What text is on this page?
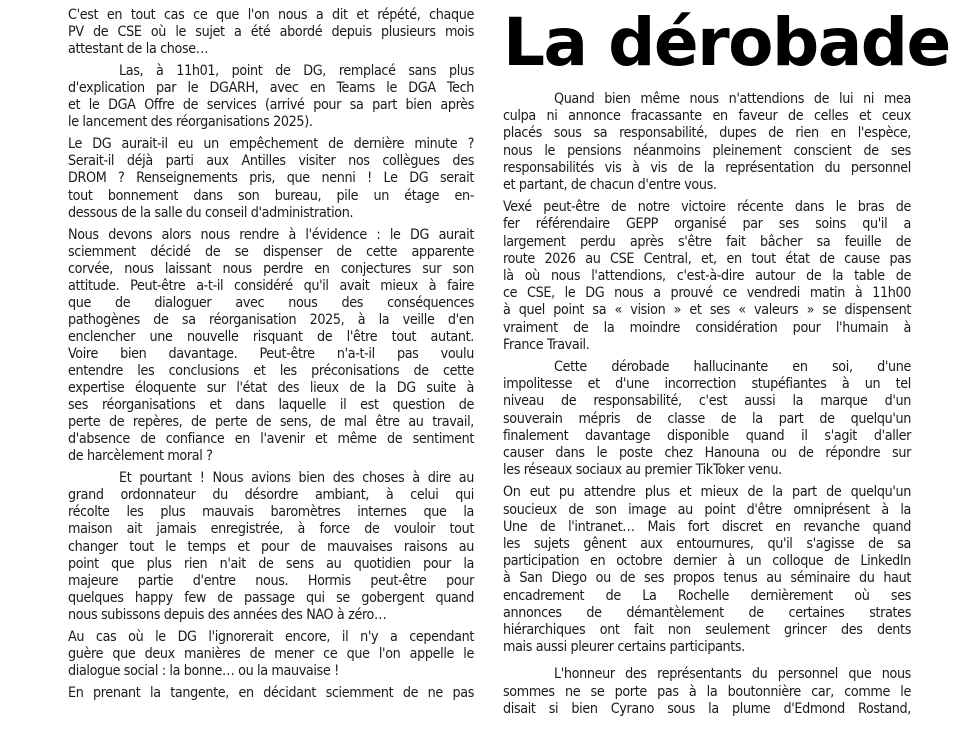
C'est en tout cas ce que l'on nous a dit et répété, chaque
PV de CSE où le sujet a été abordé depuis plusieurs mois
attestant de la chose…
Las, à 11h01, point de DG, remplacé sans plus
d'explication par le DGARH, avec en Teams le DGA Tech
et le DGA Offre de services (arrivé pour sa part bien après
le lancement des réorganisations 2025).
Le DG aurait-il eu un empêchement de dernière minute ?
Serait-il déjà parti aux Antilles visiter nos collègues des
DROM ? Renseignements pris, que nenni ! Le DG serait
tout bonnement dans son bureau, pile un étage en-
dessous de la salle du conseil d'administration.
Nous devons alors nous rendre à l'évidence : le DG aurait
sciemment décidé de se dispenser de cette apparente
corvée, nous laissant nous perdre en conjectures sur son
attitude. Peut-être a-t-il considéré qu'il avait mieux à faire
que de dialoguer avec nous des conséquences
pathogènes de sa réorganisation 2025, à la veille d'en
enclencher une nouvelle risquant de l'être tout autant.
Voire bien davantage. Peut-être n'a-t-il pas voulu
entendre les conclusions et les préconisations de cette
expertise éloquente sur l'état des lieux de la DG suite à
ses réorganisations et dans laquelle il est question de
perte de repères, de perte de sens, de mal être au travail,
d'absence de confiance en l'avenir et même de sentiment
de harcèlement moral ?
Et pourtant ! Nous avions bien des choses à dire au
grand ordonnateur du désordre ambiant, à celui qui
récolte les plus mauvais baromètres internes que la
maison ait jamais enregistrée, à force de vouloir tout
changer tout le temps et pour de mauvaises raisons au
point que plus rien n'ait de sens au quotidien pour la
majeure partie d'entre nous. Hormis peut-être pour
quelques happy few de passage qui se gobergent quand
nous subissons depuis des années des NAO à zéro…
Au cas où le DG l'ignorerait encore, il n'y a cependant
guère que deux manières de mener ce que l'on appelle le
dialogue social : la bonne… ou la mauvaise !
En prenant la tangente, en décidant sciemment de ne pas
La dérobade
Quand bien même nous n'attendions de lui ni mea
culpa ni annonce fracassante en faveur de celles et ceux
placés sous sa responsabilité, dupes de rien en l'espèce,
nous le pensions néanmoins pleinement conscient de ses
responsabilités vis à vis de la représentation du personnel
et partant, de chacun d'entre vous.
Vexé peut-être de notre victoire récente dans le bras de
fer référendaire GEPP organisé par ses soins qu'il a
largement perdu après s'être fait bâcher sa feuille de
route 2026 au CSE Central, et, en tout état de cause pas
là où nous l'attendions, c'est-à-dire autour de la table de
ce CSE, le DG nous a prouvé ce vendredi matin à 11h00
à quel point sa « vision » et ses « valeurs » se dispensent
vraiment de la moindre considération pour l'humain à
France Travail.
Cette dérobade hallucinante en soi, d'une
impolitesse et d'une incorrection stupéfiantes à un tel
niveau de responsabilité, c'est aussi la marque d'un
souverain mépris de classe de la part de quelqu'un
finalement davantage disponible quand il s'agit d'aller
causer dans le poste chez Hanouna ou de répondre sur
les réseaux sociaux au premier TikToker venu.
On eut pu attendre plus et mieux de la part de quelqu'un
soucieux de son image au point d'être omniprésent à la
Une de l'intranet… Mais fort discret en revanche quand
les sujets gênent aux entournures, qu'il s'agisse de sa
participation en octobre dernier à un colloque de LinkedIn
à San Diego ou de ses propos tenus au séminaire du haut
encadrement de La Rochelle dernièrement où ses
annonces de démantèlement de certaines strates
hiérarchiques ont fait non seulement grincer des dents
mais aussi pleurer certains participants.
L'honneur des représentants du personnel que nous
sommes ne se porte pas à la boutonnière car, comme le
disait si bien Cyrano sous la plume d'Edmond Rostand,
